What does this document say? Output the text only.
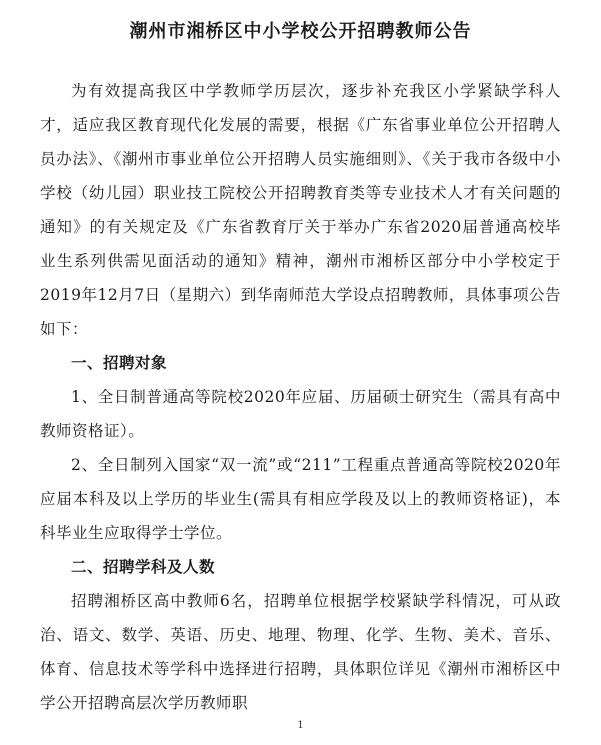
潮州市湘桥区中小学校公开招聘教师公告

为有效提高我区中学教师学历层次，逐步补充我区小学紧缺学科人才，适应我区教育现代化发展的需要，根据《广东省事业单位公开招聘人员办法》、《潮州市事业单位公开招聘人员实施细则》、《关于我市各级中小学校（幼儿园）职业技工院校公开招聘教育类等专业技术人才有关问题的通知》的有关规定及《广东省教育厅关于举办广东省2020届普通高校毕业生系列供需见面活动的通知》精神，潮州市湘桥区部分中小学校定于2019年12月7日（星期六）到华南师范大学设点招聘教师，具体事项公告如下：

一、招聘对象

1、全日制普通高等院校2020年应届、历届硕士研究生（需具有高中教师资格证）。

2、全日制列入国家“双一流”或“211”工程重点普通高等院校2020年应届本科及以上学历的毕业生(需具有相应学段及以上的教师资格证)，本科毕业生应取得学士学位。

二、招聘学科及人数

招聘湘桥区高中教师6名，招聘单位根据学校紧缺学科情况，可从政治、语文、数学、英语、历史、地理、物理、化学、生物、美术、音乐、体育、信息技术等学科中选择进行招聘，具体职位详见《潮州市湘桥区中学公开招聘高层次学历教师职

1
